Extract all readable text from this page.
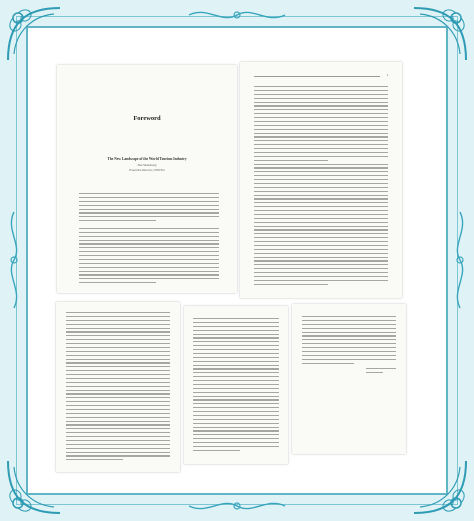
Foreword
The New Landscape of the World Tourism Industry
Zhu Shanzhong
Executive Director, UNWTO
1
